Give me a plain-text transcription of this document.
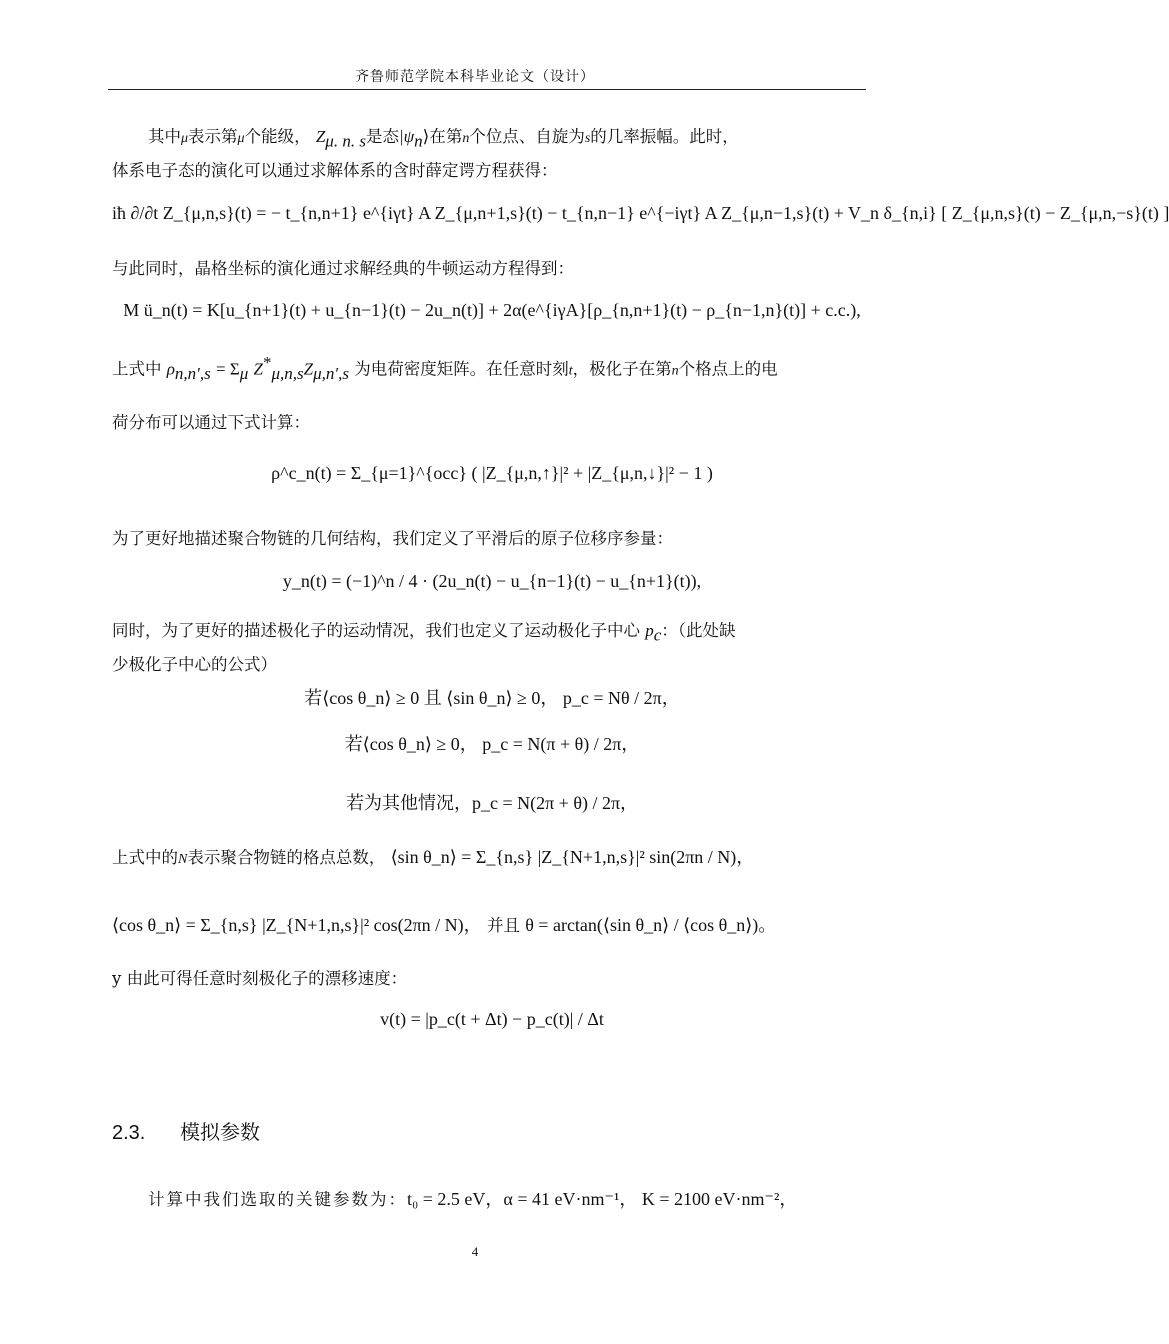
齐鲁师范学院本科毕业论文（设计）
其中μ表示第μ个能级， $Z_{\mu. n. s}$是态$|\psi_n⟩$在第n个位点、自旋为s的几率振幅。此时，
体系电子态的演化可以通过求解体系的含时薛定谔方程获得：
iħ ∂/∂t Z_{μ,n,s}(t) = − t_{n,n+1} e^{iγt} A Z_{μ,n+1,s}(t) − t_{n,n−1} e^{−iγt} A Z_{μ,n−1,s}(t) + V_n δ_{n,i} [ Z_{μ,n,s}(t) − Z_{μ,n,−s}(t) ]
与此同时，晶格坐标的演化通过求解经典的牛顿运动方程得到：
M ü_n(t) = K[u_{n+1}(t) + u_{n−1}(t) − 2u_n(t)] + 2α(e^{iγA}[ρ_{n,n+1}(t) − ρ_{n−1,n}(t)] + c.c.),
上式中 $\rho_{n,n',s} = \Sigma_\mu$ $Z^*_{\mu,n,s}Z_{\mu,n',s}$ 为电荷密度矩阵。在任意时刻t，极化子在第n个格点上的电
荷分布可以通过下式计算：
ρ^c_n(t) = Σ_{μ=1}^{occ} ( |Z_{μ,n,↑}|² + |Z_{μ,n,↓}|² − 1 )
为了更好地描述聚合物链的几何结构，我们定义了平滑后的原子位移序参量：
y_n(t) = (−1)^n / 4 · (2u_n(t) − u_{n−1}(t) − u_{n+1}(t)),
同时，为了更好的描述极化子的运动情况，我们也定义了运动极化子中心 $p_c$：（此处缺
少极化子中心的公式）
若⟨cos θ_n⟩ ≥ 0 且 ⟨sin θ_n⟩ ≥ 0， p_c = Nθ / 2π，
若⟨cos θ_n⟩ ≥ 0， p_c = N(π + θ) / 2π，
若为其他情况，p_c = N(2π + θ) / 2π，
上式中的N表示聚合物链的格点总数， ⟨sin θ_n⟩ = Σ_{n,s} |Z_{N+1,n,s}|² sin(2πn / N)，
⟨cos θ_n⟩ = Σ_{n,s} |Z_{N+1,n,s}|² cos(2πn / N)， 并且 θ = arctan(⟨sin θ_n⟩ / ⟨cos θ_n⟩)。
y 由此可得任意时刻极化子的漂移速度：
v(t) = |p_c(t + Δt) − p_c(t)| / Δt
2.3. 模拟参数
计算中我们选取的关键参数为：t₀ = 2.5 eV，α = 41 eV·nm⁻¹， K = 2100 eV·nm⁻²，
4
